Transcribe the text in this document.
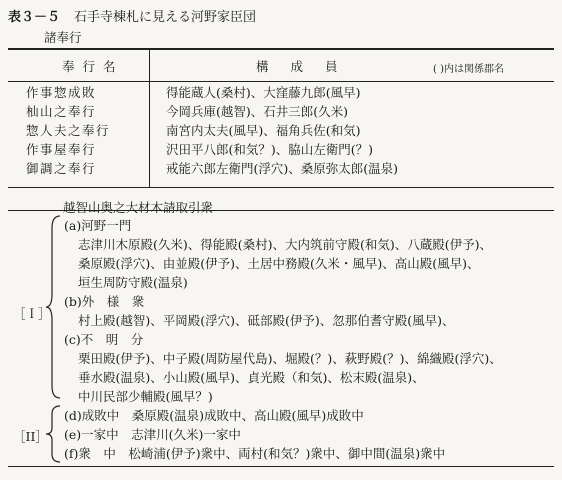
表３－５ 石手寺棟札に見える河野家臣団
諸奉行
奉行名	構成員	( )内は関係郡名
作事惣成敗	得能蔵人(桑村)、大窪藤九郎(風早)
杣山之奉行	今岡兵庫(越智)、石井三郎(久米)
惣人夫之奉行	南宮内太夫(風早)、福角兵佐(和気)
作事屋奉行	沢田平八郎(和気？)、脇山左衛門(？)
御調之奉行	戒能六郎左衛門(浮穴)、桑原弥太郎(温泉)
越智山奥之大材木請取引衆
［Ｉ］
(a)河野一門
志津川木原殿(久米)、得能殿(桑村)、大内筑前守殿(和気)、八蔵殿(伊予)、
桑原殿(浮穴)、由並殿(伊予)、土居中務殿(久米・風早)、高山殿(風早)、
垣生周防守殿(温泉)
(b)外　様　衆
村上殿(越智)、平岡殿(浮穴)、砥部殿(伊予)、忽那伯耆守殿(風早)、
(c)不　明　分
栗田殿(伊予)、中子殿(周防屋代島)、堀殿(？)、萩野殿(？)、綿織殿(浮穴)、
垂水殿(温泉)、小山殿(風早)、貞光殿（和気)、松末殿(温泉)、
中川民部少輔殿(風早？)
［II］
(d)成敗中　桑原殿(温泉)成敗中、高山殿(風早)成敗中
(e)一家中　志津川(久米)一家中
(f)衆　中　松崎浦(伊予)衆中、両村(和気？)衆中、御中間(温泉)衆中
